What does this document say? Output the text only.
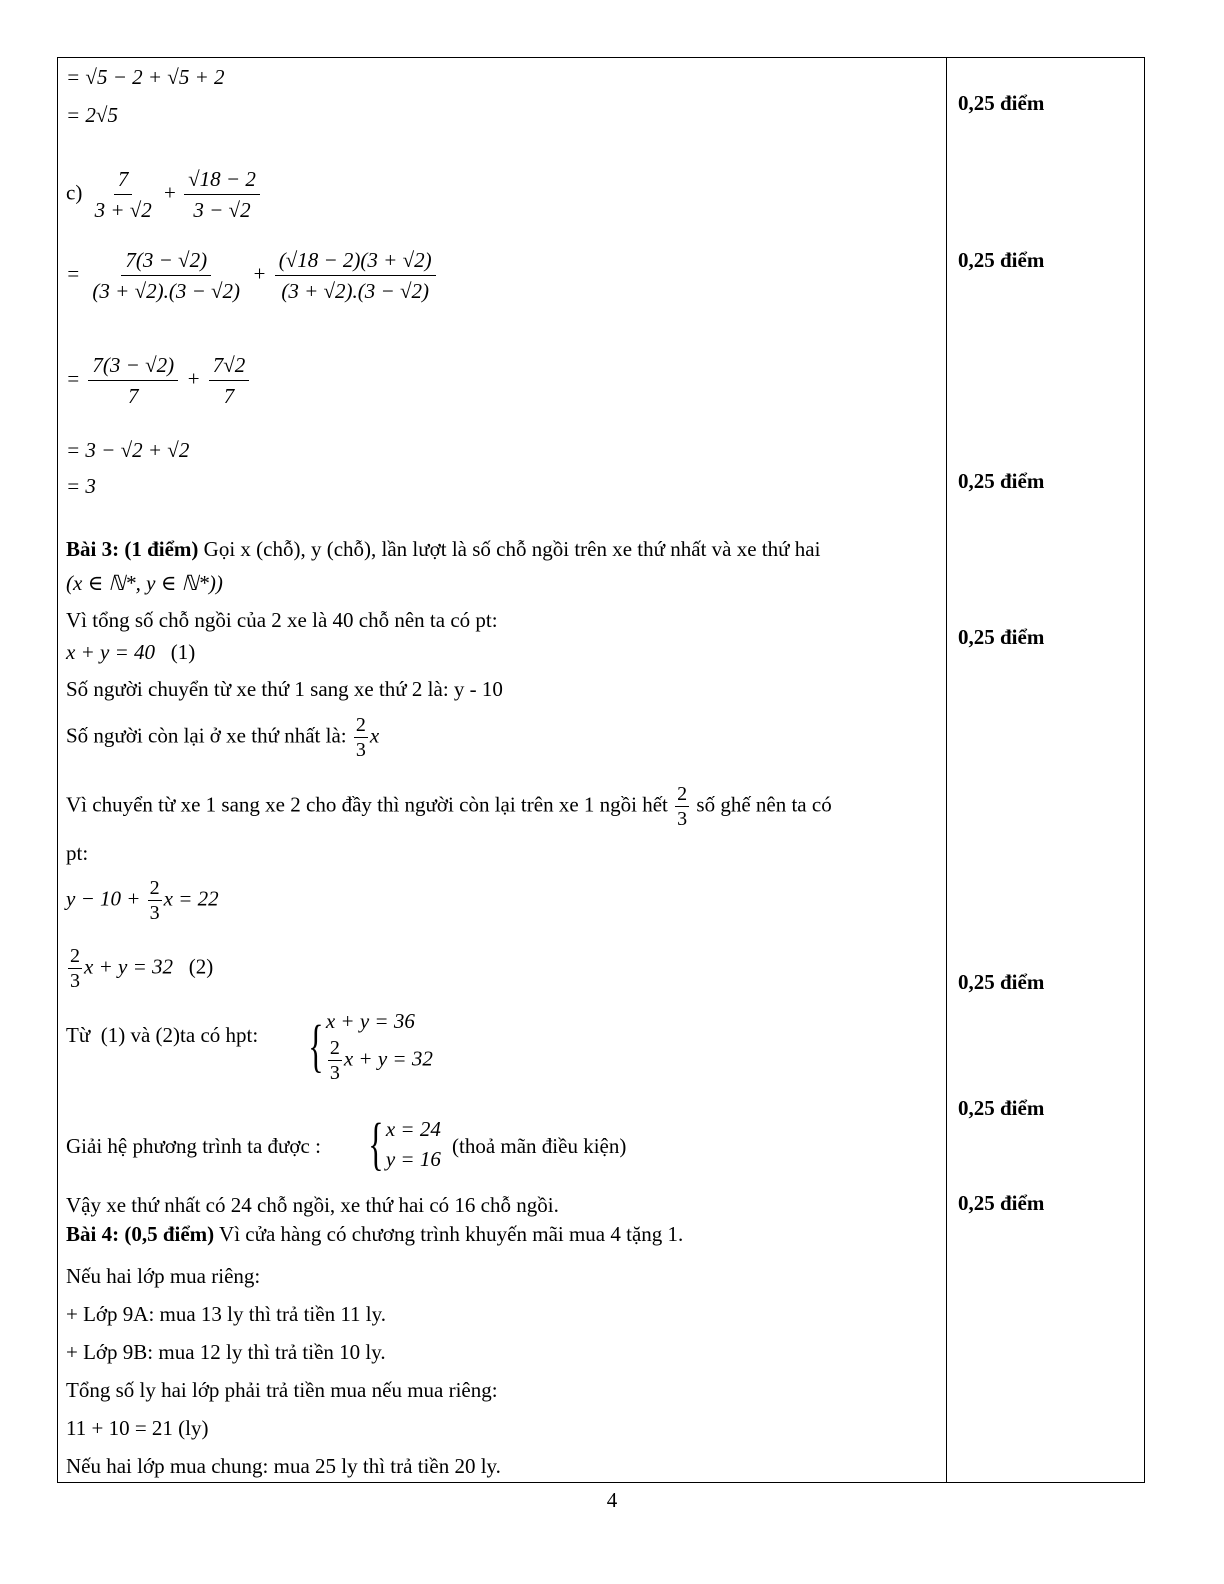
= √5 − 2 + √5 + 2
= 2√5
$c) \frac{7}{3 + √2} + \frac{√18 - 2}{3 - √2}$
= $\frac{7(3 - √2)}{(3 + √2).(3 - √2)} + \frac{(√18 - 2)(3 + √2)}{(3 + √2).(3 - √2)}$
= $\frac{7(3 - √2)}{7} + \frac{7√2}{7}$
= 3 − √2 + √2
= 3
Bài 3: (1 điểm) Gọi x (chỗ), y (chỗ), lần lượt là số chỗ ngồi trên xe thứ nhất và xe thứ hai
(x ∈ ℕ*, y ∈ ℕ*))
Vì tổng số chỗ ngồi của 2 xe là 40 chỗ nên ta có pt:
x + y = 40 (1)
Số người chuyển từ xe thứ 1 sang xe thứ 2 là: y - 10
Số người còn lại ở xe thứ nhất là: $\frac{2}{3}$ x
Vì chuyển từ xe 1 sang xe 2 cho đầy thì người còn lại trên xe 1 ngồi hết $\frac{2}{3}$ số ghế nên ta có
pt:
$y - 10 + \frac{2}{3}$ x = 22
$\frac{2}{3}$ x + y = 32 (2)
Từ (1) và (2)ta có hpt: { x + y = 36
$\frac{2}{3}$ x + y = 32
Giải hệ phương trình ta được : { x = 24
y = 16
(thoả mãn điều kiện)
Vậy xe thứ nhất có 24 chỗ ngồi, xe thứ hai có 16 chỗ ngồi.
Bài 4: (0,5 điểm) Vì cửa hàng có chương trình khuyến mãi mua 4 tặng 1.
Nếu hai lớp mua riêng:
+ Lớp 9A: mua 13 ly thì trả tiền 11 ly.
+ Lớp 9B: mua 12 ly thì trả tiền 10 ly.
Tổng số ly hai lớp phải trả tiền mua nếu mua riêng:
11 + 10 = 21 (ly)
Nếu hai lớp mua chung: mua 25 ly thì trả tiền 20 ly.
0,25 điểm
0,25 điểm
0,25 điểm
0,25 điểm
0,25 điểm
0,25 điểm
0,25 điểm
4
